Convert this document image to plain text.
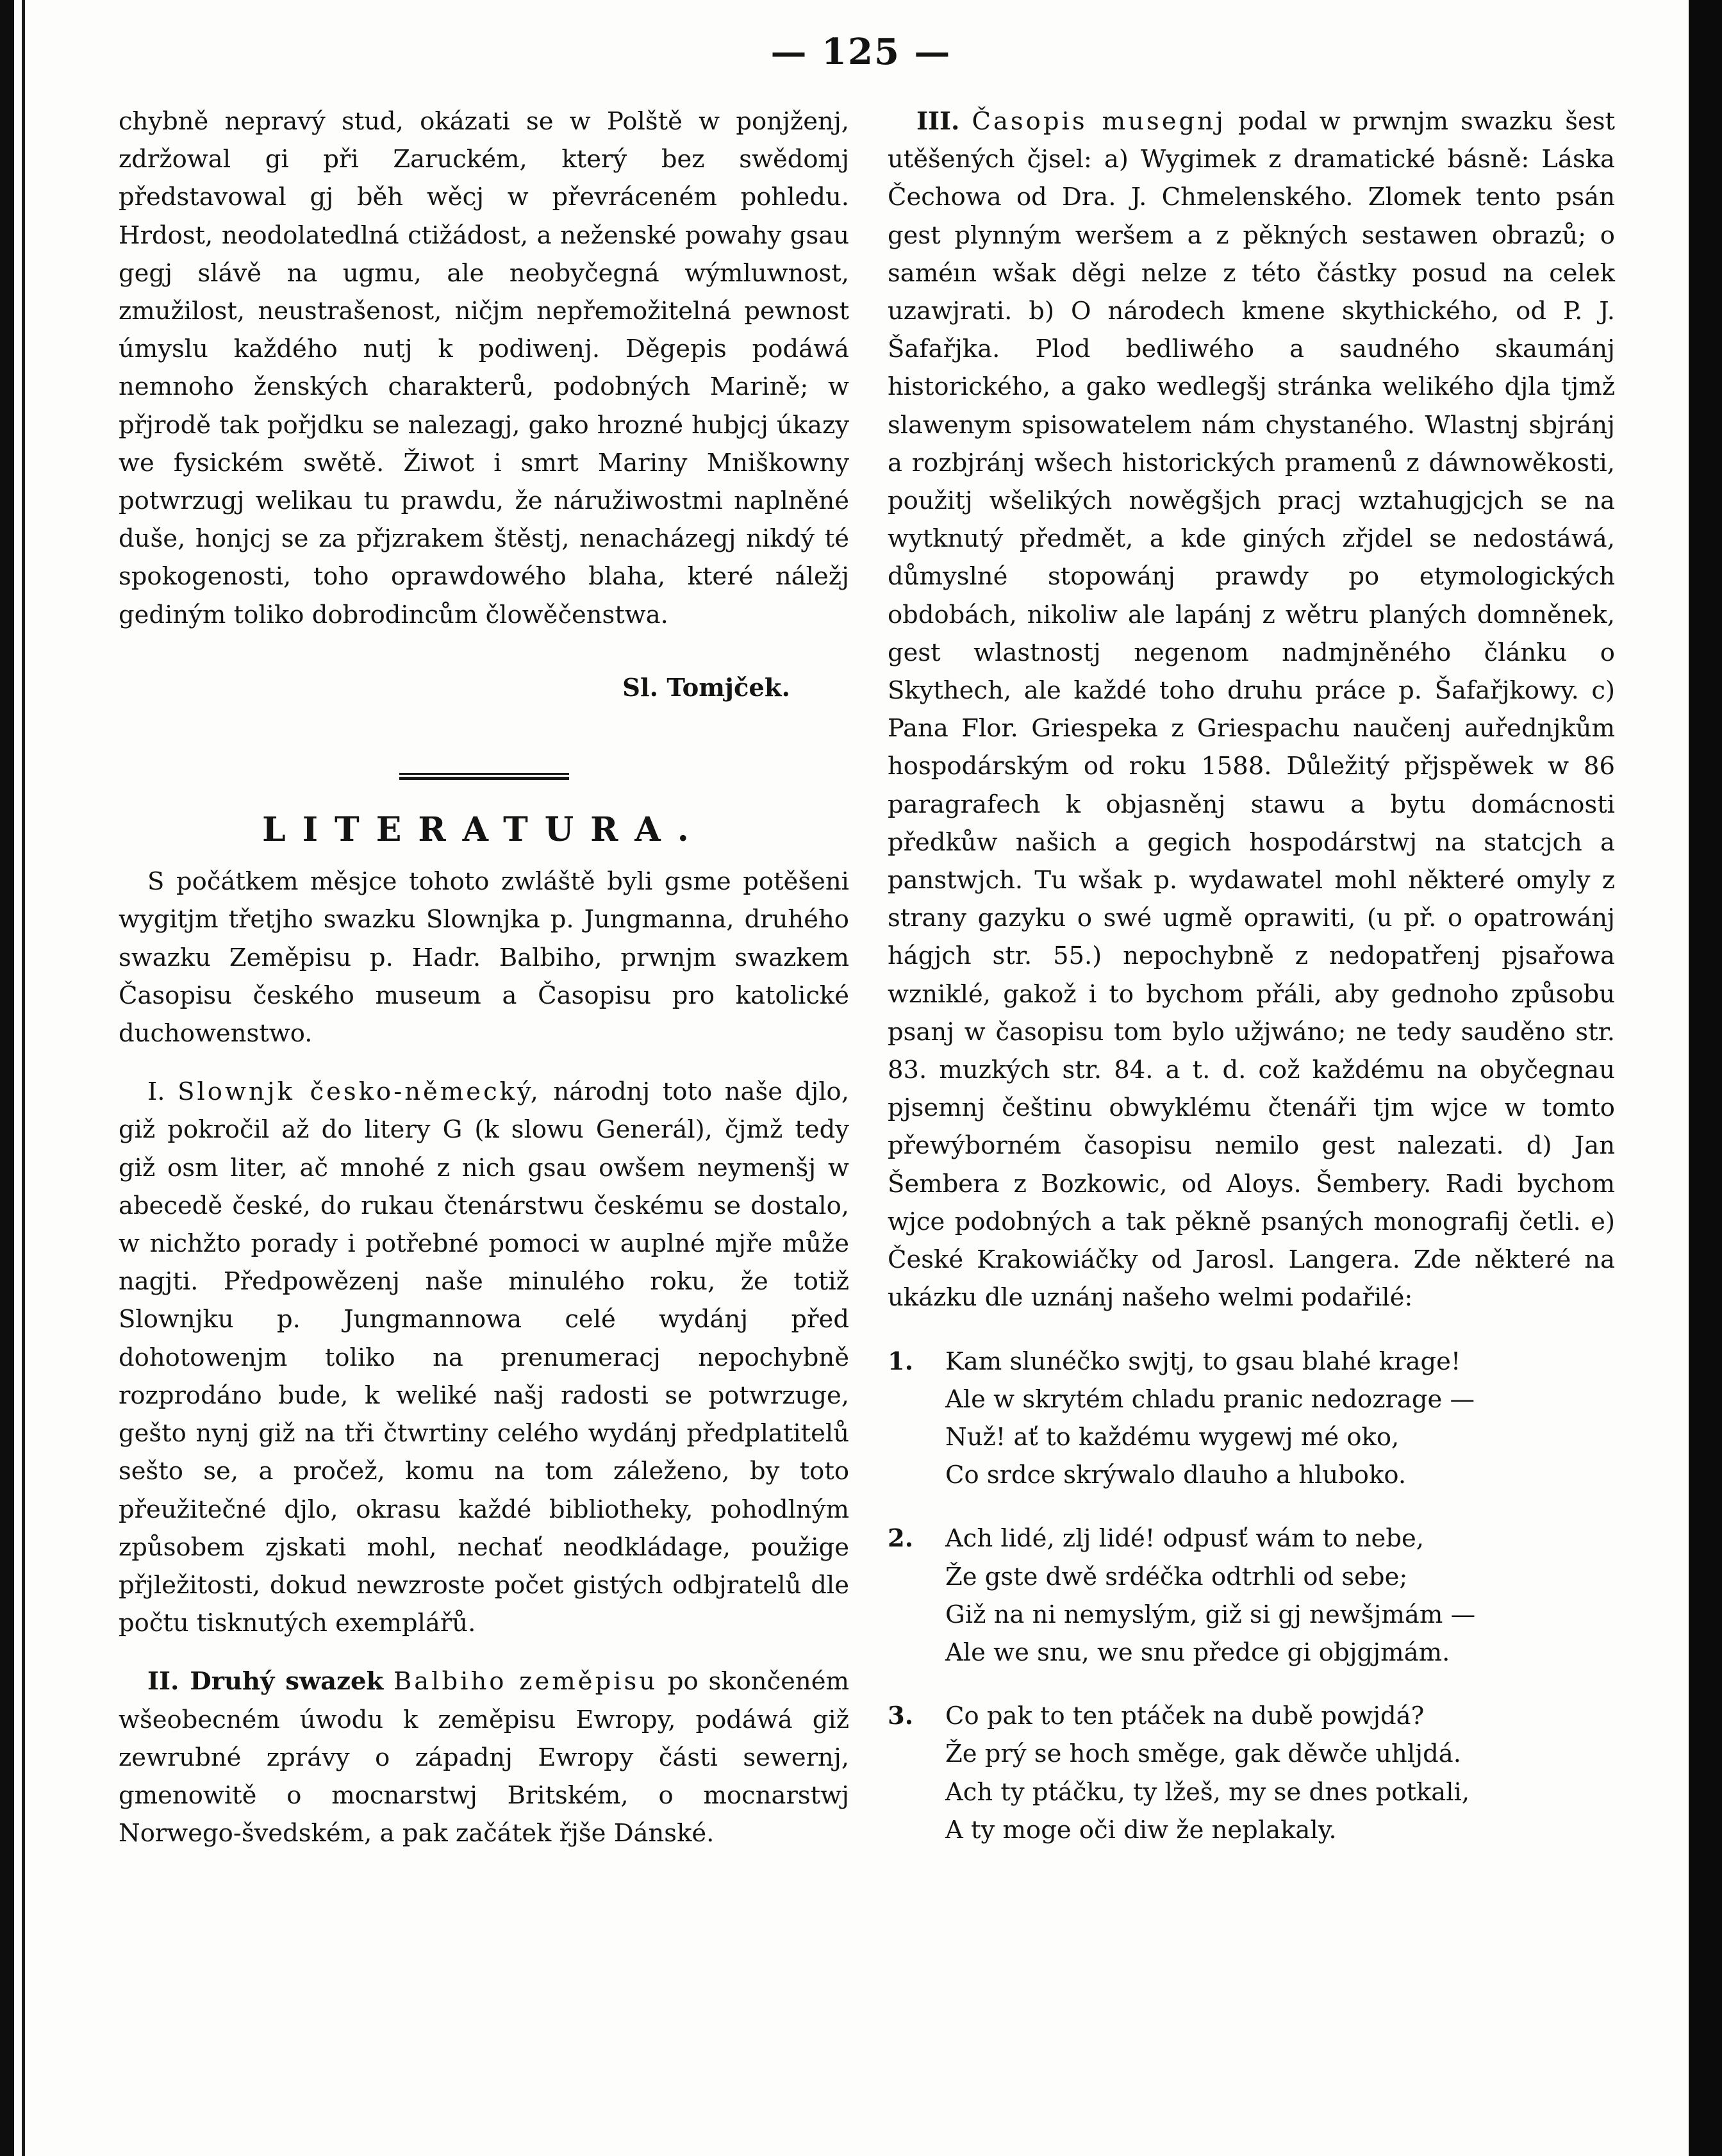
— 125 —

chybně nepravý stud, okázati se w Polště w ponjženj, zdržowal gi při Zaruckém, který bez swědomj představowal gj běh wěcj w převráceném pohledu. Hrdost, neodolatedlná ctižádost, a neženské powahy gsau gegj slávě na ugmu, ale neobyčegná wýmluwnost, zmužilost, neustrašenost, ničjm nepřemožitelná pewnost úmyslu každého nutj k podiwenj. Děgepis podáwá nemnoho ženských charakterů, podobných Marině; w přjrodě tak pořjdku se nalezagj, gako hrozné hubjcj úkazy we fysickém swětě. Žiwot i smrt Mariny Mniškowny potwrzugj welikau tu prawdu, že náružiwostmi naplněné duše, honjcj se za přjzrakem štěstj, nenacházegj nikdý té spokogenosti, toho oprawdowého blaha, které náležj gediným toliko dobrodincům člowěčenstwa.

Sl. Tomjček.

LITERATURA.

S počátkem měsjce tohoto zwláště byli gsme potěšeni wygitjm třetjho swazku Slownjka p. Jungmanna, druhého swazku Zeměpisu p. Hadr. Balbiho, prwnjm swazkem Časopisu českého museum a Časopisu pro katolické duchowenstwo.

I. Slownjk česko-německý, národnj toto naše djlo, giž pokročil až do litery G (k slowu Generál), čjmž tedy giž osm liter, ač mnohé z nich gsau owšem neymenšj w abecedě české, do rukau čtenárstwu českému se dostalo, w nichžto porady i potřebné pomoci w auplné mjře může nagjti. Předpowězenj naše minulého roku, že totiž Slownjku p. Jungmannowa celé wydánj před dohotowenjm toliko na prenumeracj nepochybně rozprodáno bude, k weliké našj radosti se potwrzuge, gešto nynj giž na tři čtwrtiny celého wydánj předplatitelů sešto se, a pročež, komu na tom záleženo, by toto přeužitečné djlo, okrasu každé bibliotheky, pohodlným způsobem zjskati mohl, nechať neodkládage, použige přjležitosti, dokud newzroste počet gistých odbjratelů dle počtu tisknutých exemplářů.

II. Druhý swazek Balbiho zeměpisu po skončeném wšeobecném úwodu k zeměpisu Ewropy, podáwá giž zewrubné zprávy o západnj Ewropy části sewernj, gmenowitě o mocnarstwj Britském, o mocnarstwj Norwego-švedském, a pak začátek řjše Dánské.

III. Časopis musegnj podal w prwnjm swazku šest utěšených čjsel: a) Wygimek z dramatické básně: Láska Čechowa od Dra. J. Chmelenského. Zlomek tento psán gest plynným weršem a z pěkných sestawen obrazů; o saméın wšak děgi nelze z této částky posud na celek uzawjrati. b) O národech kmene skythického, od P. J. Šafařjka. Plod bedliwého a saudného skaumánj historického, a gako wedlegšj stránka welikého djla tjmž slawenym spisowatelem nám chystaného. Wlastnj sbjránj a rozbjránj wšech historických pramenů z dáwnowěkosti, použitj wšelikých nowěgšjch pracj wztahugjcjch se na wytknutý předmět, a kde giných zřjdel se nedostáwá, důmyslné stopowánj prawdy po etymologických obdobách, nikoliw ale lapánj z wětru planých domněnek, gest wlastnostj negenom nadmjněného článku o Skythech, ale každé toho druhu práce p. Šafařjkowy. c) Pana Flor. Griespeka z Griespachu naučenj auřednjkům hospodárským od roku 1588. Důležitý přjspěwek w 86 paragrafech k objasněnj stawu a bytu domácnosti předkůw našich a gegich hospodárstwj na statcjch a panstwjch. Tu wšak p. wydawatel mohl některé omyly z strany gazyku o swé ugmě oprawiti, (u př. o opatrowánj hágjch str. 55.) nepochybně z nedopatřenj pjsařowa wzniklé, gakož i to bychom přáli, aby gednoho způsobu psanj w časopisu tom bylo užjwáno; ne tedy sauděno str. 83. muzkých str. 84. a t. d. což každému na obyčegnau pjsemnj češtinu obwyklému čtenáři tjm wjce w tomto přewýborném časopisu nemilo gest nalezati. d) Jan Šembera z Bozkowic, od Aloys. Šembery. Radi bychom wjce podobných a tak pěkně psaných monografij četli. e) České Krakowiáčky od Jarosl. Langera. Zde některé na ukázku dle uznánj našeho welmi podařilé:

1.	Kam slunéčko swjtj, to gsau blahé krage!
Ale w skrytém chladu pranic nedozrage —
Nuž! ať to každému wygewj mé oko,
Co srdce skrýwalo dlauho a hluboko.
2.	Ach lidé, zlj lidé! odpusť wám to nebe,
Že gste dwě srdéčka odtrhli od sebe;
Giž na ni nemyslým, giž si gj newšjmám —
Ale we snu, we snu předce gi objgjmám.
3.	Co pak to ten ptáček na dubě powjdá?
Že prý se hoch směge, gak děwče uhljdá.
Ach ty ptáčku, ty lžeš, my se dnes potkali,
A ty moge oči diw že neplakaly.
